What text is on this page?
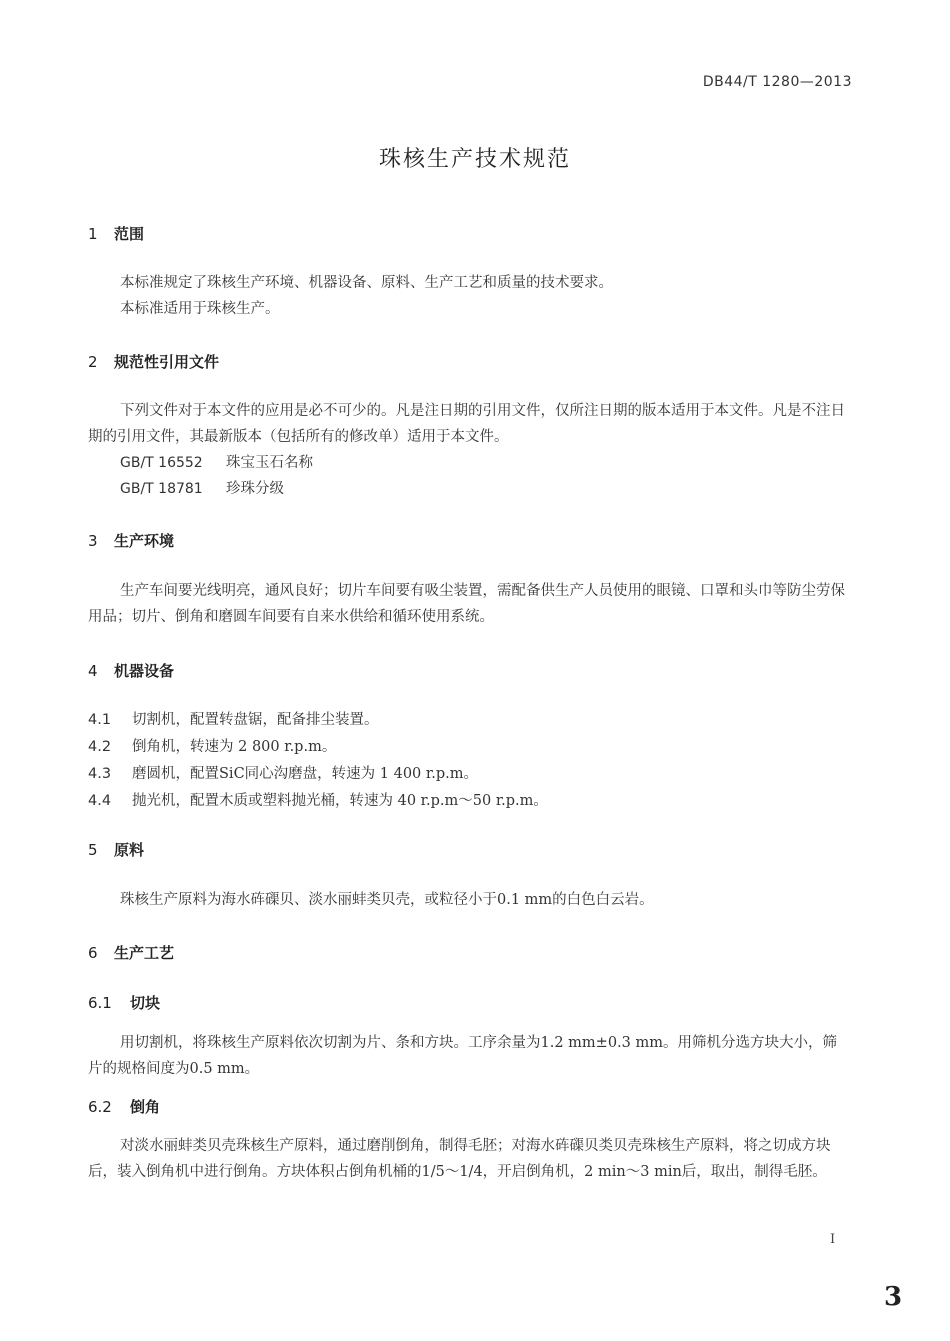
DB44/T 1280—2013
珠核生产技术规范
1 范围
本标准规定了珠核生产环境、机器设备、原料、生产工艺和质量的技术要求。
本标准适用于珠核生产。
2 规范性引用文件
下列文件对于本文件的应用是必不可少的。凡是注日期的引用文件，仅所注日期的版本适用于本文件。凡是不注日期的引用文件，其最新版本（包括所有的修改单）适用于本文件。
GB/T 16552 珠宝玉石名称
GB/T 18781 珍珠分级
3 生产环境
生产车间要光线明亮，通风良好；切片车间要有吸尘装置，需配备供生产人员使用的眼镜、口罩和头巾等防尘劳保用品；切片、倒角和磨圆车间要有自来水供给和循环使用系统。
4 机器设备
4.1 切割机，配置转盘锯，配备排尘装置。
4.2 倒角机，转速为 2 800 r.p.m。
4.3 磨圆机，配置SiC同心沟磨盘，转速为 1 400 r.p.m。
4.4 抛光机，配置木质或塑料抛光桶，转速为 40 r.p.m～50 r.p.m。
5 原料
珠核生产原料为海水砗磲贝、淡水丽蚌类贝壳，或粒径小于0.1 mm的白色白云岩。
6 生产工艺
6.1 切块
用切割机，将珠核生产原料依次切割为片、条和方块。工序余量为1.2 mm±0.3 mm。用筛机分选方块大小，筛片的规格间度为0.5 mm。
6.2 倒角
对淡水丽蚌类贝壳珠核生产原料，通过磨削倒角，制得毛胚；对海水砗磲贝类贝壳珠核生产原料，将之切成方块后，装入倒角机中进行倒角。方块体积占倒角机桶的1/5～1/4，开启倒角机，2 min～3 min后，取出，制得毛胚。
I
3
